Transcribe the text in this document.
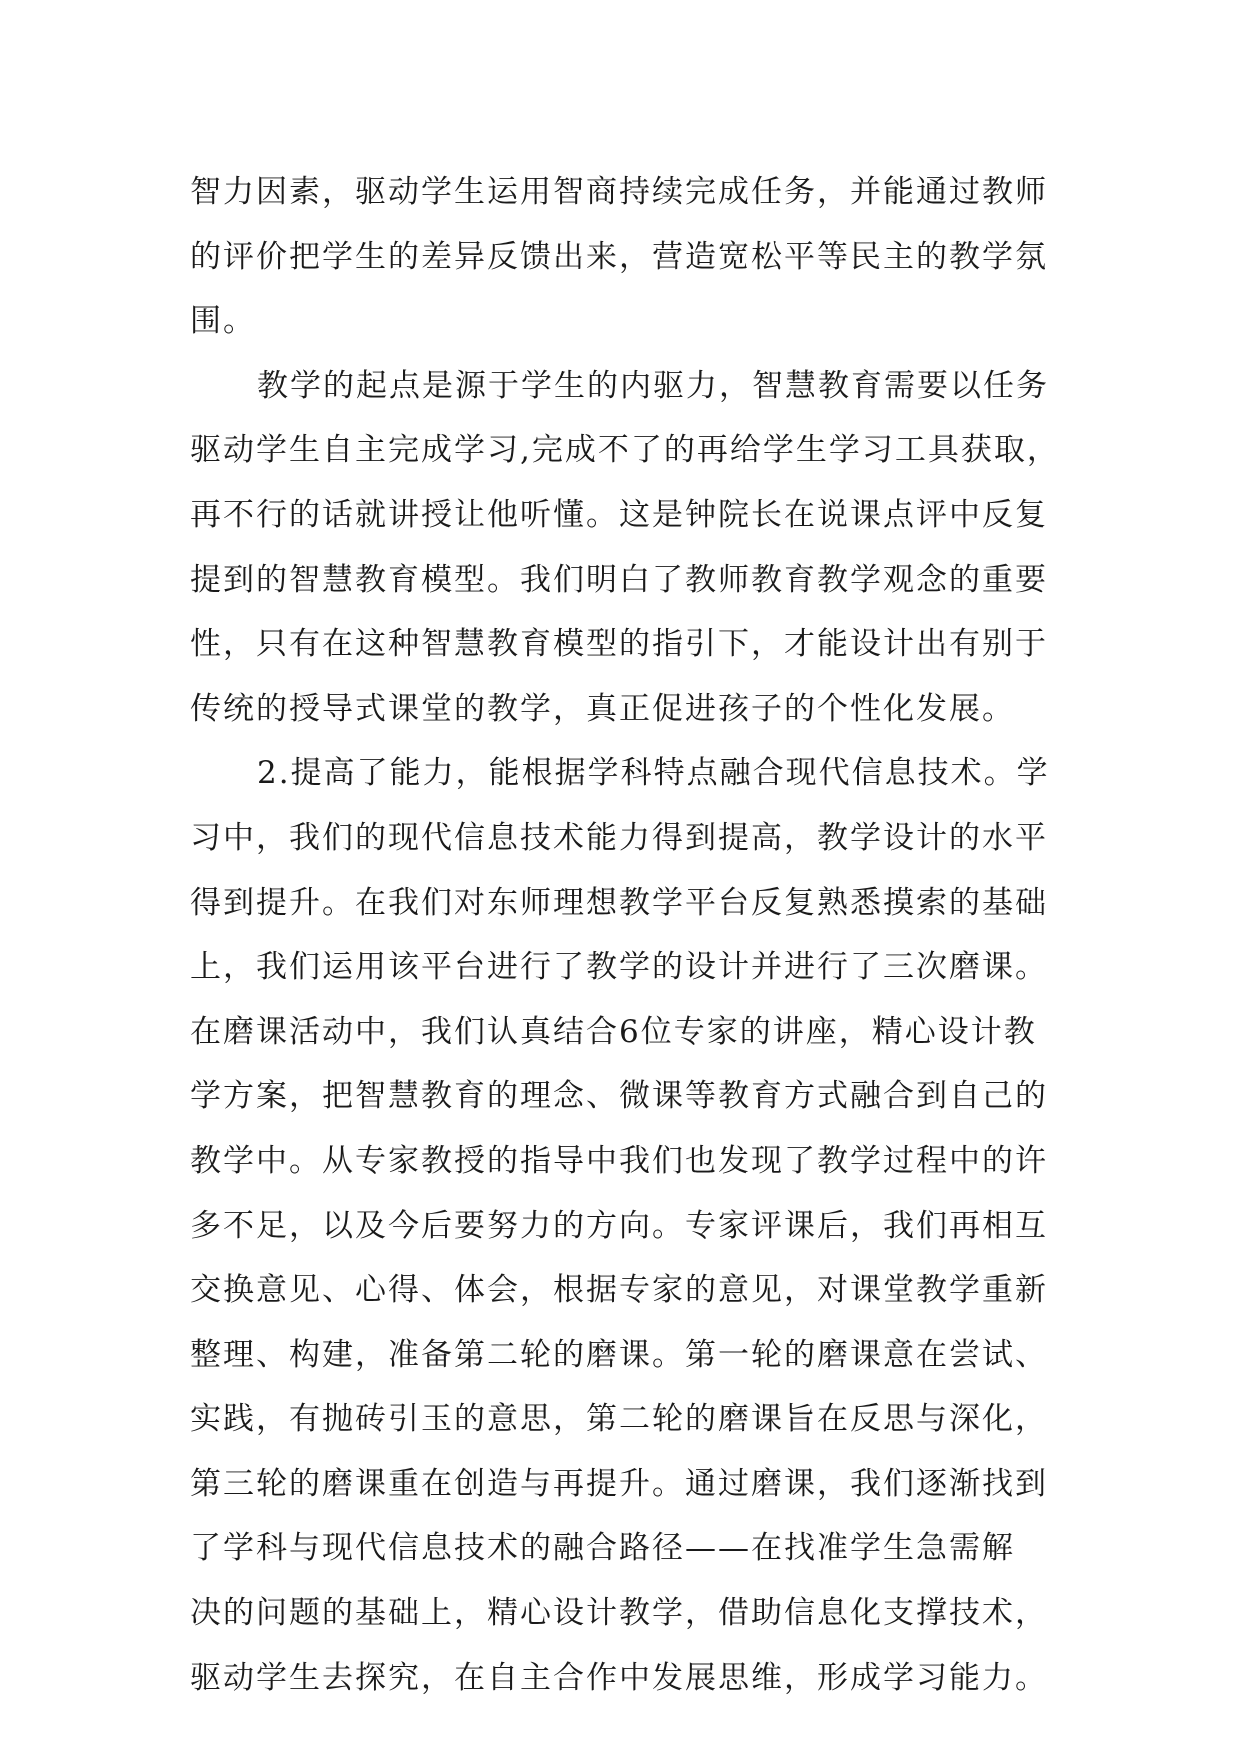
智力因素，驱动学生运用智商持续完成任务，并能通过教师
的评价把学生的差异反馈出来，营造宽松平等民主的教学氛
围。
教学的起点是源于学生的内驱力，智慧教育需要以任务
驱动学生自主完成学习,完成不了的再给学生学习工具获取，
再不行的话就讲授让他听懂。这是钟院长在说课点评中反复
提到的智慧教育模型。我们明白了教师教育教学观念的重要
性，只有在这种智慧教育模型的指引下，才能设计出有别于
传统的授导式课堂的教学，真正促进孩子的个性化发展。
2.提高了能力，能根据学科特点融合现代信息技术。学
习中，我们的现代信息技术能力得到提高，教学设计的水平
得到提升。在我们对东师理想教学平台反复熟悉摸索的基础
上，我们运用该平台进行了教学的设计并进行了三次磨课。
在磨课活动中，我们认真结合6位专家的讲座，精心设计教
学方案，把智慧教育的理念、微课等教育方式融合到自己的
教学中。从专家教授的指导中我们也发现了教学过程中的许
多不足，以及今后要努力的方向。专家评课后，我们再相互
交换意见、心得、体会，根据专家的意见，对课堂教学重新
整理、构建，准备第二轮的磨课。第一轮的磨课意在尝试、
实践，有抛砖引玉的意思，第二轮的磨课旨在反思与深化，
第三轮的磨课重在创造与再提升。通过磨课，我们逐渐找到
了学科与现代信息技术的融合路径——在找准学生急需解
决的问题的基础上，精心设计教学，借助信息化支撑技术，
驱动学生去探究，在自主合作中发展思维，形成学习能力。
